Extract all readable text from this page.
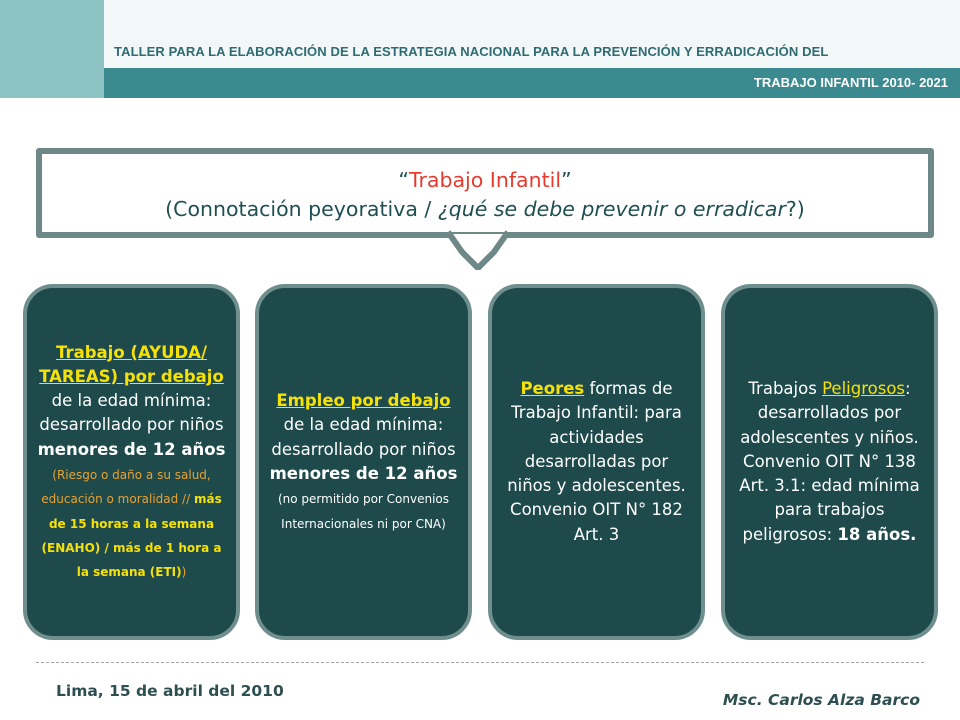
TALLER PARA LA ELABORACIÓN DE LA ESTRATEGIA NACIONAL PARA LA PREVENCIÓN Y ERRADICACIÓN DEL
TRABAJO INFANTIL 2010- 2021
“Trabajo Infantil”
(Connotación peyorativa / ¿qué se debe prevenir o erradicar?)
Trabajo (AYUDA/ TAREAS) por debajo de la edad mínima: desarrollado por niños menores de 12 años (Riesgo o daño a su salud, educación o moralidad // más de 15 horas a la semana (ENAHO) / más de 1 hora a la semana (ETI))
Empleo por debajo de la edad mínima: desarrollado por niños menores de 12 años (no permitido por Convenios Internacionales ni por CNA)
Peores formas de Trabajo Infantil: para actividades desarrolladas por niños y adolescentes. Convenio OIT N° 182 Art. 3
Trabajos Peligrosos: desarrollados por adolescentes y niños. Convenio OIT N° 138 Art. 3.1: edad mínima para trabajos peligrosos: 18 años.
Lima, 15 de abril del 2010	Msc. Carlos Alza Barco
